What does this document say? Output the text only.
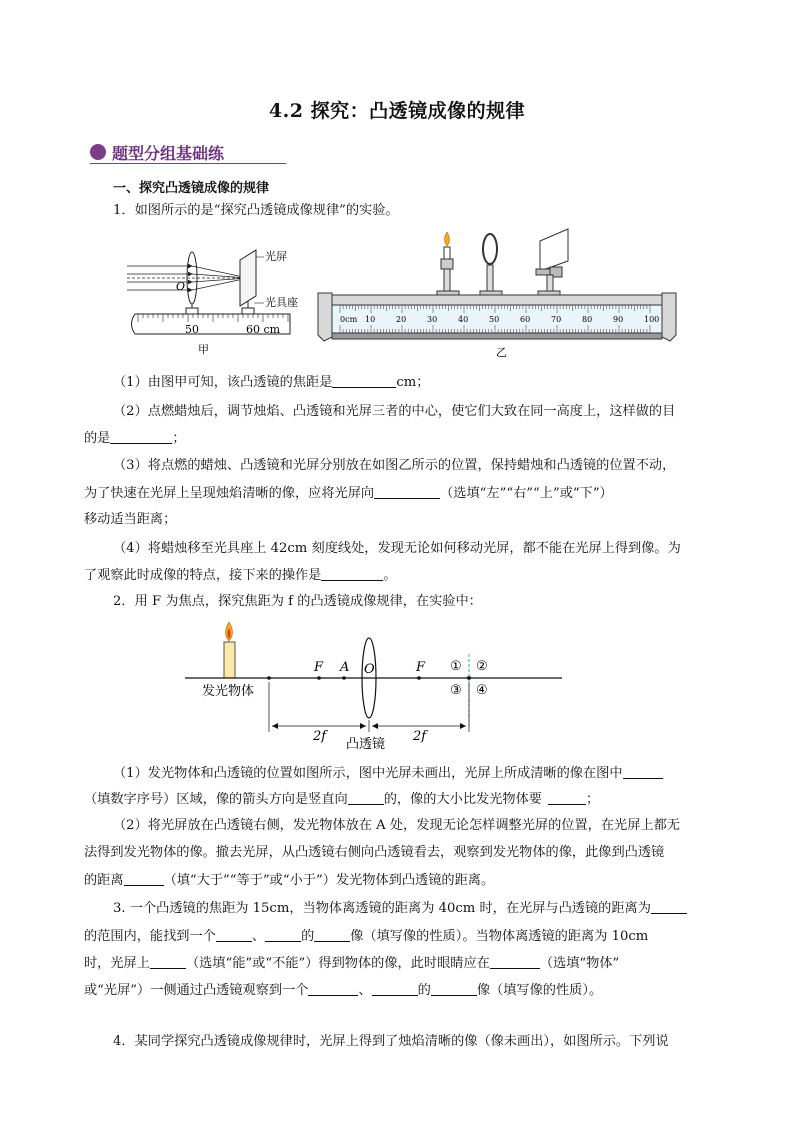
4.2 探究：凸透镜成像的规律
题型分组基础练
一、探究凸透镜成像的规律
1．如图所示的是“探究凸透镜成像规律”的实验。
O
光屏
光具座
50	60 cm
甲
0cm 10	20	30	40	50	60	70	80	90	100
乙
（1）由图甲可知，该凸透镜的焦距是	cm；
（2）点燃蜡烛后，调节烛焰、凸透镜和光屏三者的中心，使它们大致在同一高度上，这样做的目
的是	；
（3）将点燃的蜡烛、凸透镜和光屏分别放在如图乙所示的位置，保持蜡烛和凸透镜的位置不动，
为了快速在光屏上呈现烛焰清晰的像，应将光屏向	（选填“左”“右”“上”或“下”）
移动适当距离；
（4）将蜡烛移至光具座上 42cm 刻度线处，发现无论如何移动光屏，都不能在光屏上得到像。为
了观察此时成像的特点，接下来的操作是	。
2．用 F 为焦点，探究焦距为 f 的凸透镜成像规律，在实验中：
发光物体
F A O	F ① ②
③ ④
2f	2f
凸透镜
（1）发光物体和凸透镜的位置如图所示，图中光屏未画出，光屏上所成清晰的像在图中
（填数字序号）区域，像的箭头方向是竖直向	的，像的大小比发光物体要	；
（2）将光屏放在凸透镜右侧，发光物体放在 A 处，发现无论怎样调整光屏的位置，在光屏上都无
法得到发光物体的像。撤去光屏，从凸透镜右侧向凸透镜看去，观察到发光物体的像，此像到凸透镜
的距离	（填“大于”“等于”或“小于”）发光物体到凸透镜的距离。
3. 一个凸透镜的焦距为 15cm，当物体离透镜的距离为 40cm 时，在光屏与凸透镜的距离为
的范围内，能找到一个	、	的	像（填写像的性质）。当物体离透镜的距离为 10cm
时，光屏上	（选填“能”或“不能”）得到物体的像，此时眼睛应在	（选填“物体”
或“光屏”）一侧通过凸透镜观察到一个	、	的	像（填写像的性质）。
4．某同学探究凸透镜成像规律时，光屏上得到了烛焰清晰的像（像未画出），如图所示。下列说
